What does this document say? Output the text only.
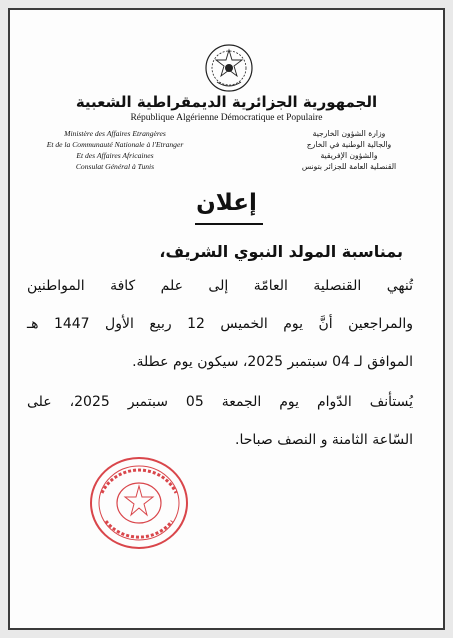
الجمهورية الجزائرية الديمقراطية الشعبية
République Algérienne Démocratique et Populaire
Ministère des Affaires Etrangères
Et de la Communauté Nationale à l'Etranger
Et des Affaires Africaines
Consulat Général à Tunis
وزارة الشؤون الخارجية
والجالية الوطنية في الخارج
والشؤون الإفريقية
القنصلية العامة للجزائر بتونس
إعلان
بمناسبة المولد النبوي الشريف،
تُنهي القنصلية العامّة إلى علم كافة المواطنين
والمراجعين أنَّ يوم الخميس 12 ربيع الأول 1447 هـ
الموافق لـ 04 سبتمبر 2025، سيكون يوم عطلة.
يُستأنف الدّوام يوم الجمعة 05 سبتمبر 2025، على
السّاعة الثامنة و النصف صباحا.
